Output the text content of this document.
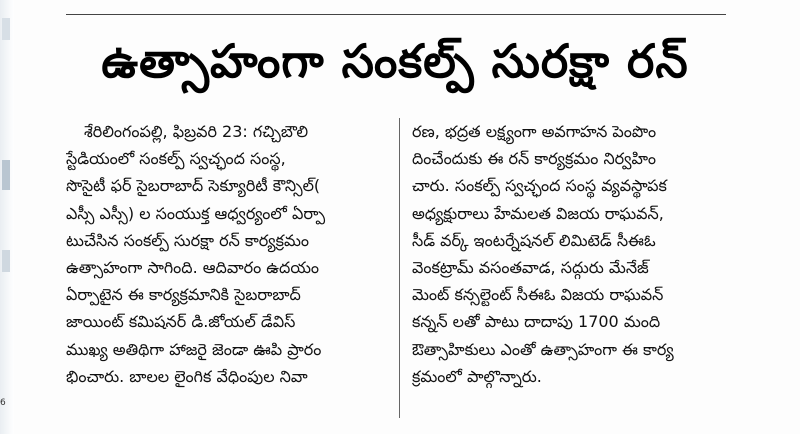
6
ఉత్సాహంగా సంకల్ప్‌ సురక్షా రన్‌
శేరిలింగంపల్లి, ఫిబ్రవరి 23: గచ్చిబౌలి
స్టేడియంలో సంకల్ప్‌ స్వచ్ఛంద సంస్థ,
సొసైటీ ఫర్‌ సైబరాబాద్‌ సెక్యూరిటీ కౌన్సిల్‌(
ఎస్సీ ఎస్సీ) ల సంయుక్త ఆధ్వర్యంలో ఏర్పా
టుచేసిన సంకల్ప్‌ సురక్షా రన్‌ కార్యక్రమం
ఉత్సాహంగా సాగింది. ఆదివారం ఉదయం
ఏర్పాటైన ఈ కార్యక్రమానికి సైబరాబాద్‌
జాయింట్‌ కమిషనర్‌ డి.జోయల్‌ డేవిస్‌
ముఖ్య అతిథిగా హాజరై జెండా ఊపి ప్రారం
భించారు. బాలల లైంగిక వేధింపుల నివా
రణ, భద్రత లక్ష్యంగా అవగాహన పెంపొం
దించేందుకు ఈ రన్‌ కార్యక్రమం నిర్వహిం
చారు. సంకల్ప్‌ స్వచ్ఛంద సంస్థ వ్యవస్థాపక
అధ్యక్షురాలు హేమలత విజయ రాఘవన్‌,
సీడ్‌ వర్క్‌ ఇంటర్నేషనల్‌ లిమిటెడ్‌ సీఈఓ
వెంకట్రామ్‌ వసంతవాడ, సద్గురు మేనేజ్
మెంట్‌ కన్సల్టెంట్‌ సీఈఓ విజయ రాఘవన్‌
కన్నన్‌ లతో పాటు దాదాపు 1700 మంది
ఔత్సాహికులు ఎంతో ఉత్సాహంగా ఈ కార్య
క్రమంలో పాల్గొన్నారు.
